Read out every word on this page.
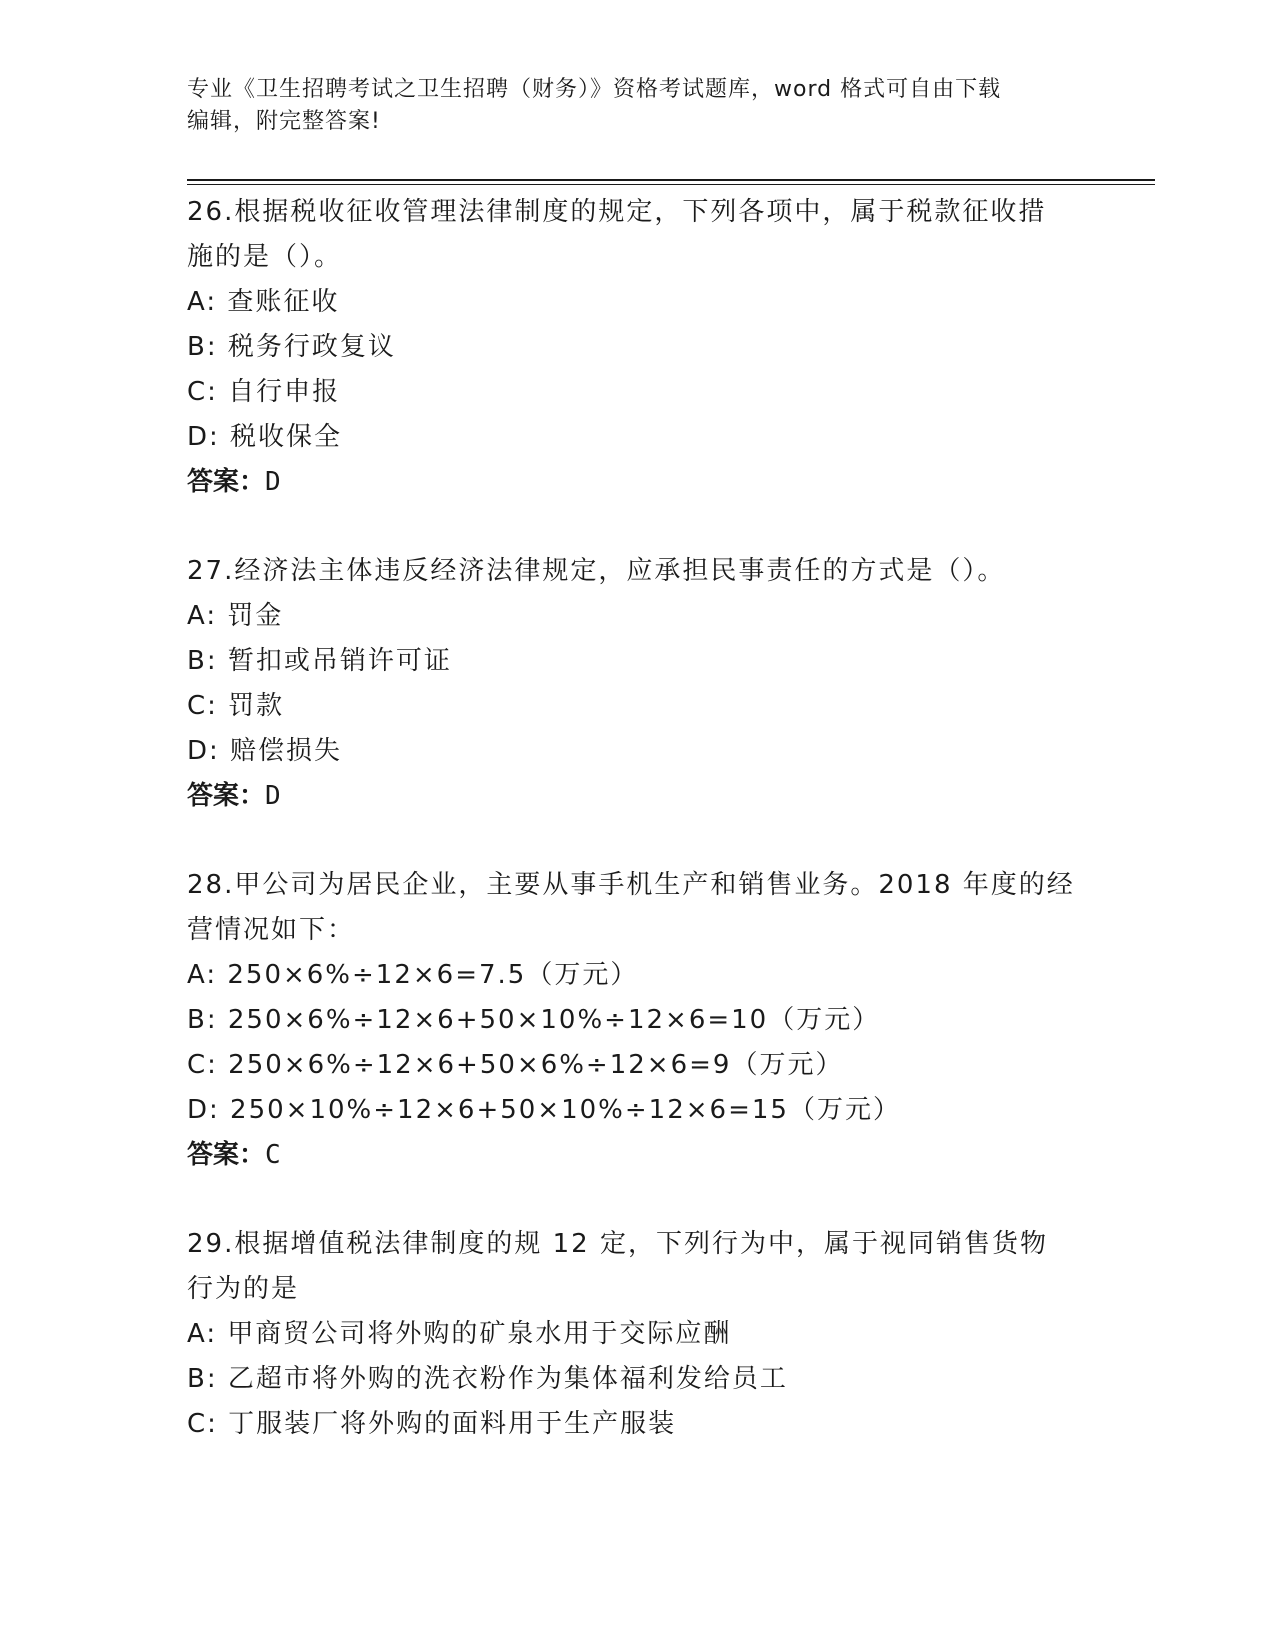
专业《卫生招聘考试之卫生招聘（财务）》资格考试题库，word 格式可自由下载
编辑，附完整答案!
26.根据税收征收管理法律制度的规定，下列各项中，属于税款征收措
施的是（）。
A: 查账征收
B: 税务行政复议
C: 自行申报
D: 税收保全
答案：D
27.经济法主体违反经济法律规定，应承担民事责任的方式是（）。
A: 罚金
B: 暂扣或吊销许可证
C: 罚款
D: 赔偿损失
答案：D
28.甲公司为居民企业，主要从事手机生产和销售业务。2018 年度的经
营情况如下：
A: 250×6%÷12×6=7.5（万元）
B: 250×6%÷12×6+50×10%÷12×6=10（万元）
C: 250×6%÷12×6+50×6%÷12×6=9（万元）
D: 250×10%÷12×6+50×10%÷12×6=15（万元）
答案：C
29.根据增值税法律制度的规 12 定，下列行为中，属于视同销售货物
行为的是
A: 甲商贸公司将外购的矿泉水用于交际应酬
B: 乙超市将外购的洗衣粉作为集体福利发给员工
C: 丁服装厂将外购的面料用于生产服装
